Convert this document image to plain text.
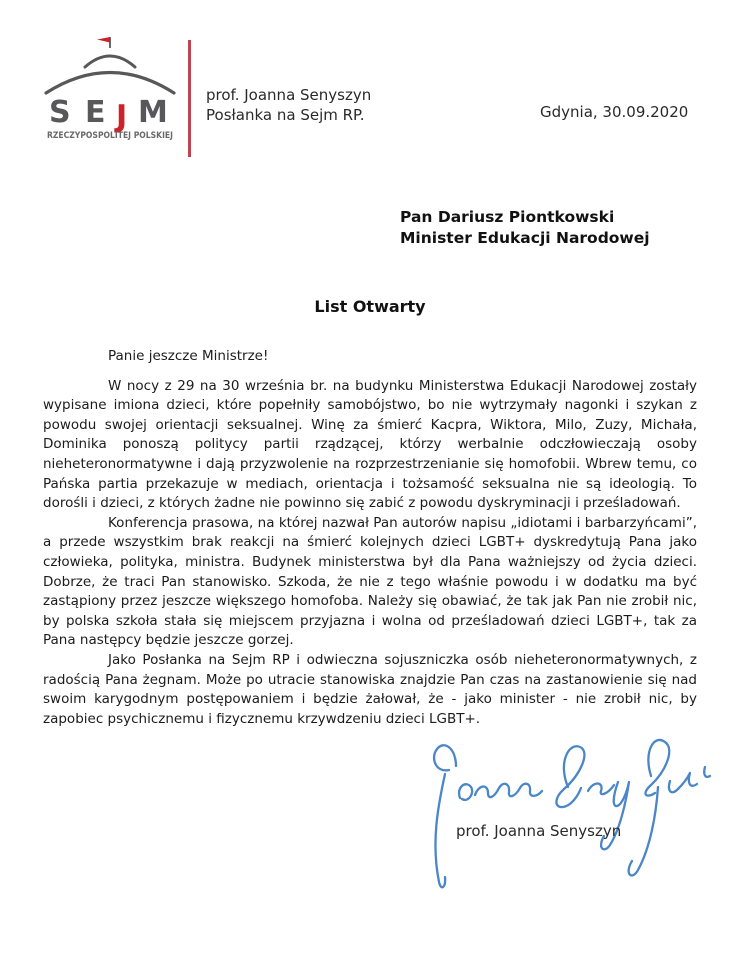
S E J M
RZECZYPOSPOLITEJ POLSKIEJ
prof. Joanna Senyszyn
Posłanka na Sejm RP.	Gdynia, 30.09.2020
Pan Dariusz Piontkowski
Minister Edukacji Narodowej
List Otwarty

Panie jeszcze Ministrze!

W nocy z 29 na 30 września br. na budynku Ministerstwa Edukacji Narodowej zostały wypisane imiona dzieci, które popełniły samobójstwo, bo nie wytrzymały nagonki i szykan z powodu swojej orientacji seksualnej. Winę za śmierć Kacpra, Wiktora, Milo, Zuzy, Michała, Dominika ponoszą politycy partii rządzącej, którzy werbalnie odczłowieczają osoby nieheteronormatywne i dają przyzwolenie na rozprzestrzenianie się homofobii. Wbrew temu, co Pańska partia przekazuje w mediach, orientacja i tożsamość seksualna nie są ideologią. To dorośli i dzieci, z których żadne nie powinno się zabić z powodu dyskryminacji i prześladowań.

Konferencja prasowa, na której nazwał Pan autorów napisu „idiotami i barbarzyńcami”, a przede wszystkim brak reakcji na śmierć kolejnych dzieci LGBT+ dyskredytują Pana jako człowieka, polityka, ministra. Budynek ministerstwa był dla Pana ważniejszy od życia dzieci. Dobrze, że traci Pan stanowisko. Szkoda, że nie z tego właśnie powodu i w dodatku ma być zastąpiony przez jeszcze większego homofoba. Należy się obawiać, że tak jak Pan nie zrobił nic, by polska szkoła stała się miejscem przyjazna i wolna od prześladowań dzieci LGBT+, tak za Pana następcy będzie jeszcze gorzej.

Jako Posłanka na Sejm RP i odwieczna sojuszniczka osób nieheteronormatywnych, z radością Pana żegnam. Może po utracie stanowiska znajdzie Pan czas na zastanowienie się nad swoim karygodnym postępowaniem i będzie żałował, że - jako minister - nie zrobił nic, by zapobiec psychicznemu i fizycznemu krzywdzeniu dzieci LGBT+.

prof. Joanna Senyszyn
